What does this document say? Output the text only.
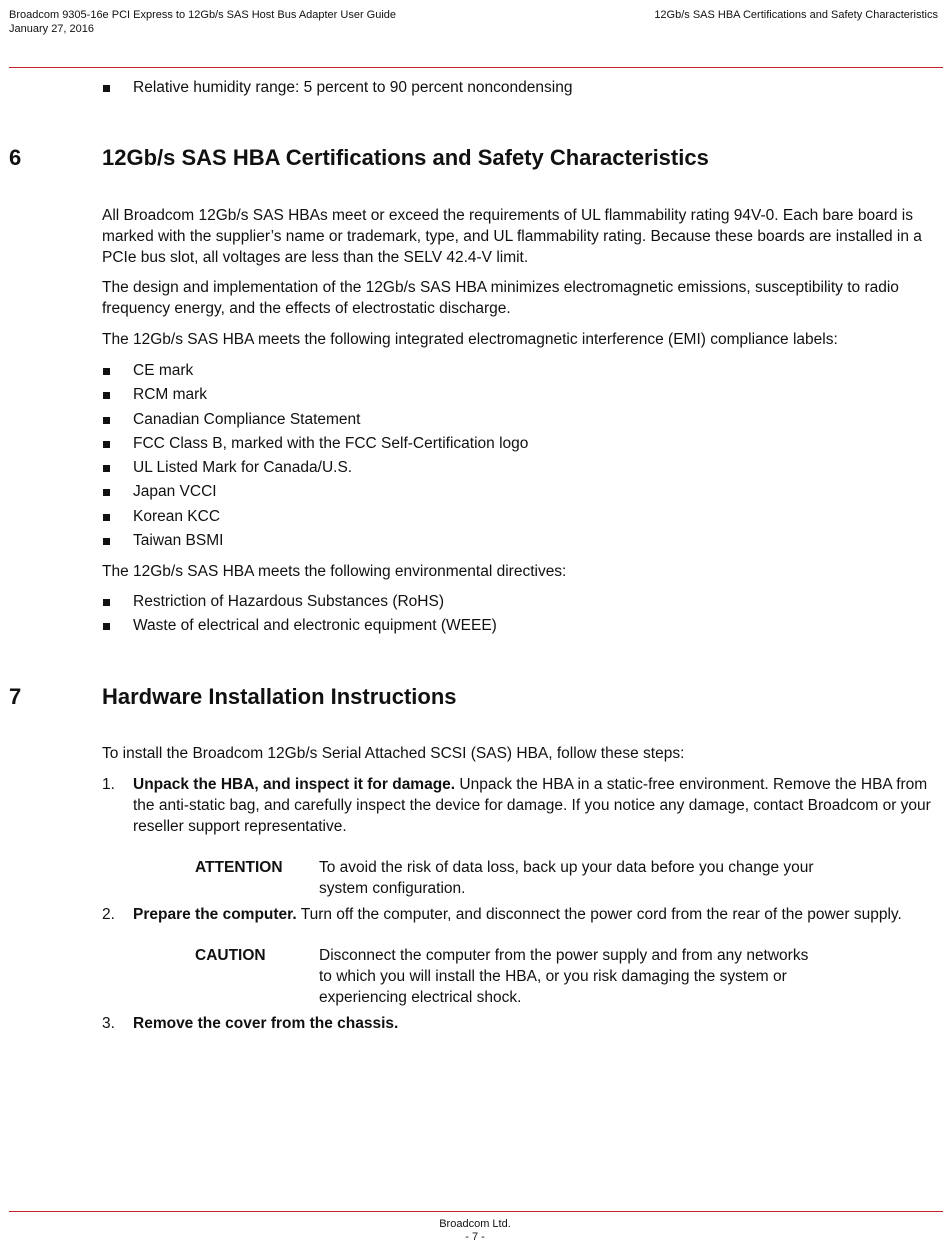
Broadcom 9305-16e PCI Express to 12Gb/s SAS Host Bus Adapter User Guide
January 27, 2016
12Gb/s SAS HBA Certifications and Safety Characteristics
Relative humidity range: 5 percent to 90 percent noncondensing
6	12Gb/s SAS HBA Certifications and Safety Characteristics
All Broadcom 12Gb/s SAS HBAs meet or exceed the requirements of UL flammability rating 94V-0. Each bare board is marked with the supplier’s name or trademark, type, and UL flammability rating. Because these boards are installed in a PCIe bus slot, all voltages are less than the SELV 42.4-V limit.
The design and implementation of the 12Gb/s SAS HBA minimizes electromagnetic emissions, susceptibility to radio frequency energy, and the effects of electrostatic discharge.
The 12Gb/s SAS HBA meets the following integrated electromagnetic interference (EMI) compliance labels:
CE mark
RCM mark
Canadian Compliance Statement
FCC Class B, marked with the FCC Self-Certification logo
UL Listed Mark for Canada/U.S.
Japan VCCI
Korean KCC
Taiwan BSMI
The 12Gb/s SAS HBA meets the following environmental directives:
Restriction of Hazardous Substances (RoHS)
Waste of electrical and electronic equipment (WEEE)
7	Hardware Installation Instructions
To install the Broadcom 12Gb/s Serial Attached SCSI (SAS) HBA, follow these steps:
1. Unpack the HBA, and inspect it for damage. Unpack the HBA in a static-free environment. Remove the HBA from the anti-static bag, and carefully inspect the device for damage. If you notice any damage, contact Broadcom or your reseller support representative.
ATTENTION To avoid the risk of data loss, back up your data before you change your system configuration.
2. Prepare the computer. Turn off the computer, and disconnect the power cord from the rear of the power supply.
CAUTION	Disconnect the computer from the power supply and from any networks to which you will install the HBA, or you risk damaging the system or experiencing electrical shock.
3. Remove the cover from the chassis.
Broadcom Ltd.
- 7 -
